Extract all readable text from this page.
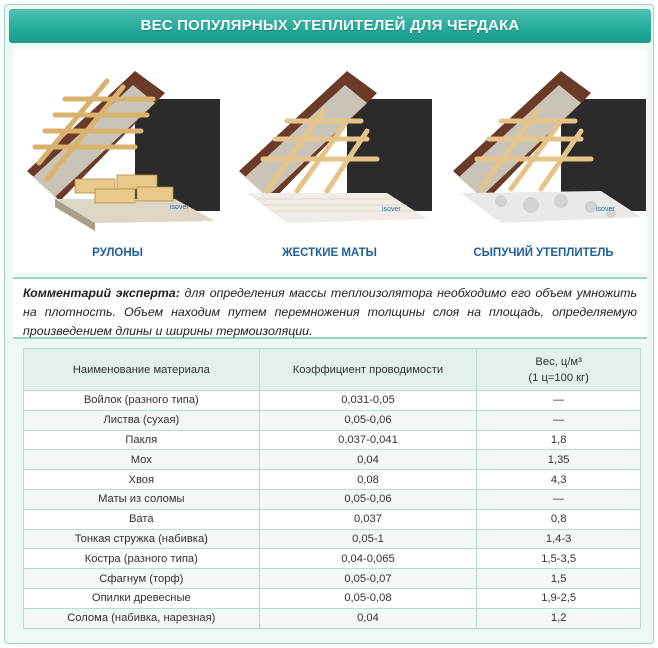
ВЕС ПОПУЛЯРНЫХ УТЕПЛИТЕЛЕЙ ДЛЯ ЧЕРДАКА
isover
РУЛОНЫ
isover
ЖЕСТКИЕ МАТЫ
isover
СЫПУЧИЙ УТЕПЛИТЕЛЬ
Комментарий эксперта: для определения массы теплоизолятора необходимо его объем умножить на плотность. Объем находим путем перемножения толщины слоя на площадь, определяемую произведением длины и ширины термоизоляции.
Наименование материала	Коэффициент проводимости	Вес, ц/м³
(1 ц=100 кг)
Войлок (разного типа)	0,031-0,05	—
Листва (сухая)	0,05-0,06	—
Пакля	0,037-0,041	1,8
Мох	0,04	1,35
Хвоя	0,08	4,3
Маты из соломы	0,05-0,06	—
Вата	0,037	0,8
Тонкая стружка (набивка)	0,05-1	1,4-3
Костра (разного типа)	0,04-0,065	1,5-3,5
Сфагнум (торф)	0,05-0,07	1,5
Опилки древесные	0,05-0,08	1,9-2,5
Солома (набивка, нарезная)	0,04	1,2
